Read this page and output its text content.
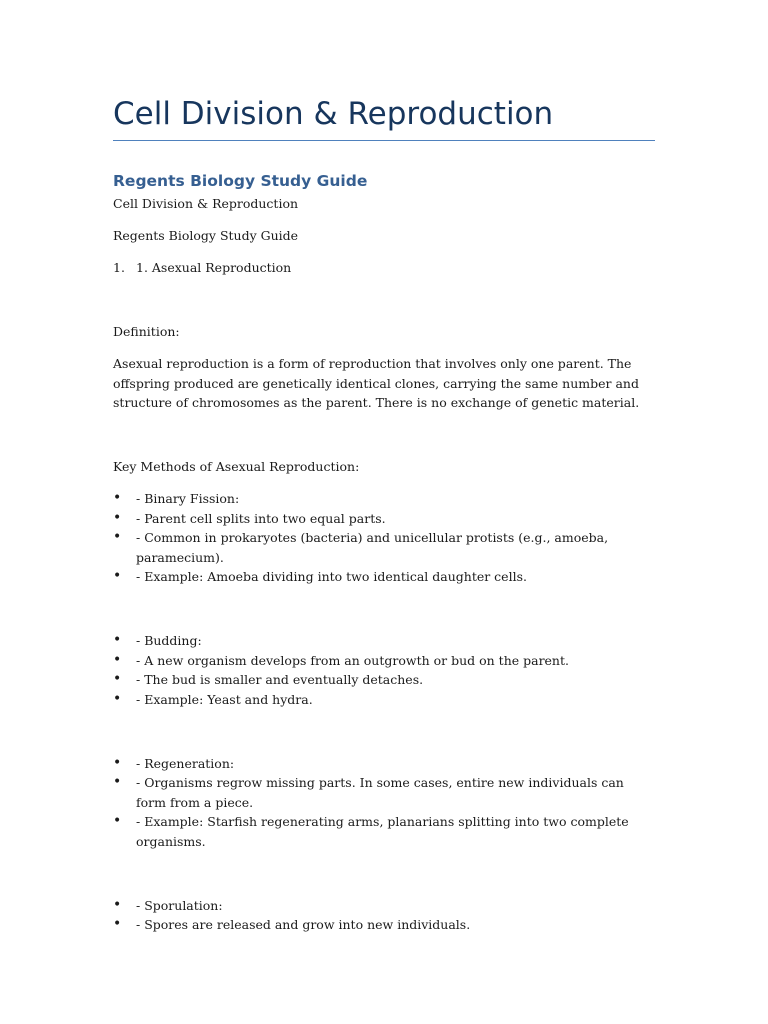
Cell Division & Reproduction
Regents Biology Study Guide

Cell Division & Reproduction

Regents Biology Study Guide

1. 1. Asexual Reproduction

Definition:

Asexual reproduction is a form of reproduction that involves only one parent. The offspring produced are genetically identical clones, carrying the same number and structure of chromosomes as the parent. There is no exchange of genetic material.

Key Methods of Asexual Reproduction:

•	- Binary Fission:
•	- Parent cell splits into two equal parts.
•	- Common in prokaryotes (bacteria) and unicellular protists (e.g., amoeba, paramecium).
•	- Example: Amoeba dividing into two identical daughter cells.
•	- Budding:
•	- A new organism develops from an outgrowth or bud on the parent.
•	- The bud is smaller and eventually detaches.
•	- Example: Yeast and hydra.
•	- Regeneration:
•	- Organisms regrow missing parts. In some cases, entire new individuals can form from a piece.
•	- Example: Starfish regenerating arms, planarians splitting into two complete organisms.
•	- Sporulation:
•	- Spores are released and grow into new individuals.
